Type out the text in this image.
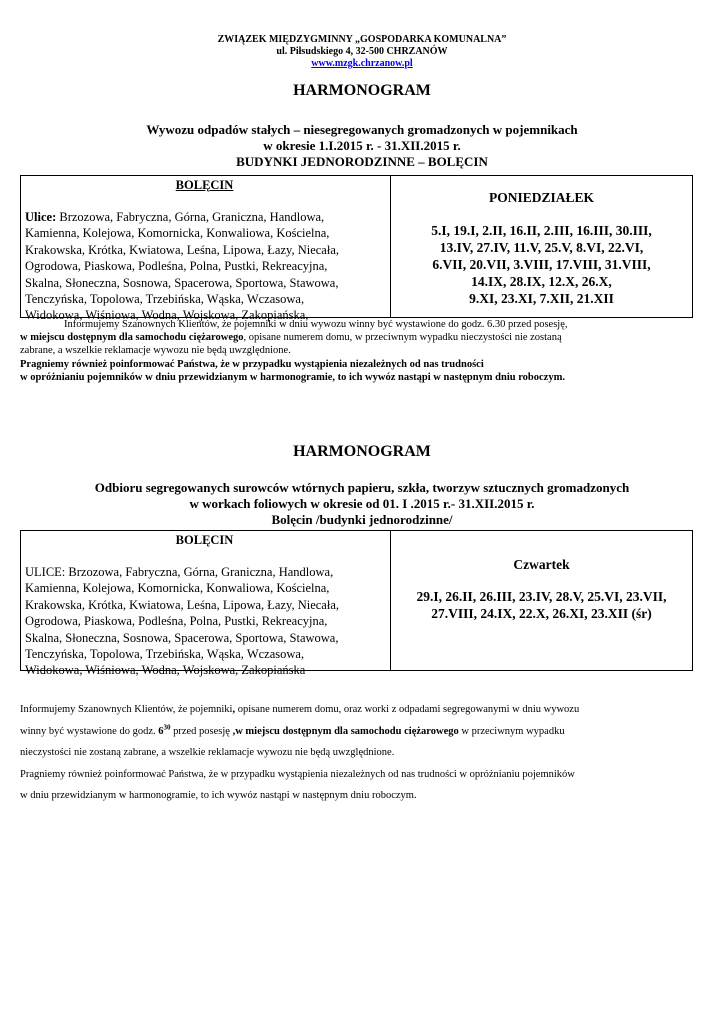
ZWIĄZEK MIĘDZYGMINNY „GOSPODARKA KOMUNALNA”
ul. Piłsudskiego 4, 32-500 CHRZANÓW
www.mzgk.chrzanow.pl
HARMONOGRAM
Wywozu odpadów stałych – niesegregowanych gromadzonych w pojemnikach
w okresie 1.I.2015 r. - 31.XII.2015 r.
BUDYNKI JEDNORODZINNE – BOLĘCIN
BOLĘCIN
Ulice: Brzozowa, Fabryczna, Górna, Graniczna, Handlowa,
Kamienna, Kolejowa, Komornicka, Konwaliowa, Kościelna,
Krakowska, Krótka, Kwiatowa, Leśna, Lipowa, Łazy, Niecała,
Ogrodowa, Piaskowa, Podleśna, Polna, Pustki, Rekreacyjna,
Skalna, Słoneczna, Sosnowa, Spacerowa, Sportowa, Stawowa,
Tenczyńska, Topolowa, Trzebińska, Wąska, Wczasowa,
Widokowa, Wiśniowa, Wodna, Wojskowa, Zakopiańska,
PONIEDZIAŁEK
5.I, 19.I, 2.II, 16.II, 2.III, 16.III, 30.III,
13.IV, 27.IV, 11.V, 25.V, 8.VI, 22.VI,
6.VII, 20.VII, 3.VIII, 17.VIII, 31.VIII,
14.IX, 28.IX, 12.X, 26.X,
9.XI, 23.XI, 7.XII, 21.XII
Informujemy Szanownych Klientów, że pojemniki w dniu wywozu winny być wystawione do godz. 6.30 przed posesję,
w miejscu dostępnym dla samochodu ciężarowego, opisane numerem domu, w przeciwnym wypadku nieczystości nie zostaną
zabrane, a wszelkie reklamacje wywozu nie będą uwzględnione.
Pragniemy również poinformować Państwa, że w przypadku wystąpienia niezależnych od nas trudności
w opróżnianiu pojemników w dniu przewidzianym w harmonogramie, to ich wywóz nastąpi w następnym dniu roboczym.
HARMONOGRAM
Odbioru segregowanych surowców wtórnych papieru, szkła, tworzyw sztucznych gromadzonych
w workach foliowych w okresie od 01. I .2015 r.- 31.XII.2015 r.
Bolęcin /budynki jednorodzinne/
BOLĘCIN
ULICE: Brzozowa, Fabryczna, Górna, Graniczna, Handlowa,
Kamienna, Kolejowa, Komornicka, Konwaliowa, Kościelna,
Krakowska, Krótka, Kwiatowa, Leśna, Lipowa, Łazy, Niecała,
Ogrodowa, Piaskowa, Podleśna, Polna, Pustki, Rekreacyjna,
Skalna, Słoneczna, Sosnowa, Spacerowa, Sportowa, Stawowa,
Tenczyńska, Topolowa, Trzebińska, Wąska, Wczasowa,
Widokowa, Wiśniowa, Wodna, Wojskowa, Zakopiańska
Czwartek
29.I, 26.II, 26.III, 23.IV, 28.V, 25.VI, 23.VII,
27.VIII, 24.IX, 22.X, 26.XI, 23.XII (śr)
Informujemy Szanownych Klientów, że pojemniki, opisane numerem domu, oraz worki z odpadami segregowanymi w dniu wywozu
winny być wystawione do godz. $6^{30}$ przed posesję ,w miejscu dostępnym dla samochodu ciężarowego w przeciwnym wypadku
nieczystości nie zostaną zabrane, a wszelkie reklamacje wywozu nie będą uwzględnione.
Pragniemy również poinformować Państwa, że w przypadku wystąpienia niezależnych od nas trudności w opróżnianiu pojemników
w dniu przewidzianym w harmonogramie, to ich wywóz nastąpi w następnym dniu roboczym.
